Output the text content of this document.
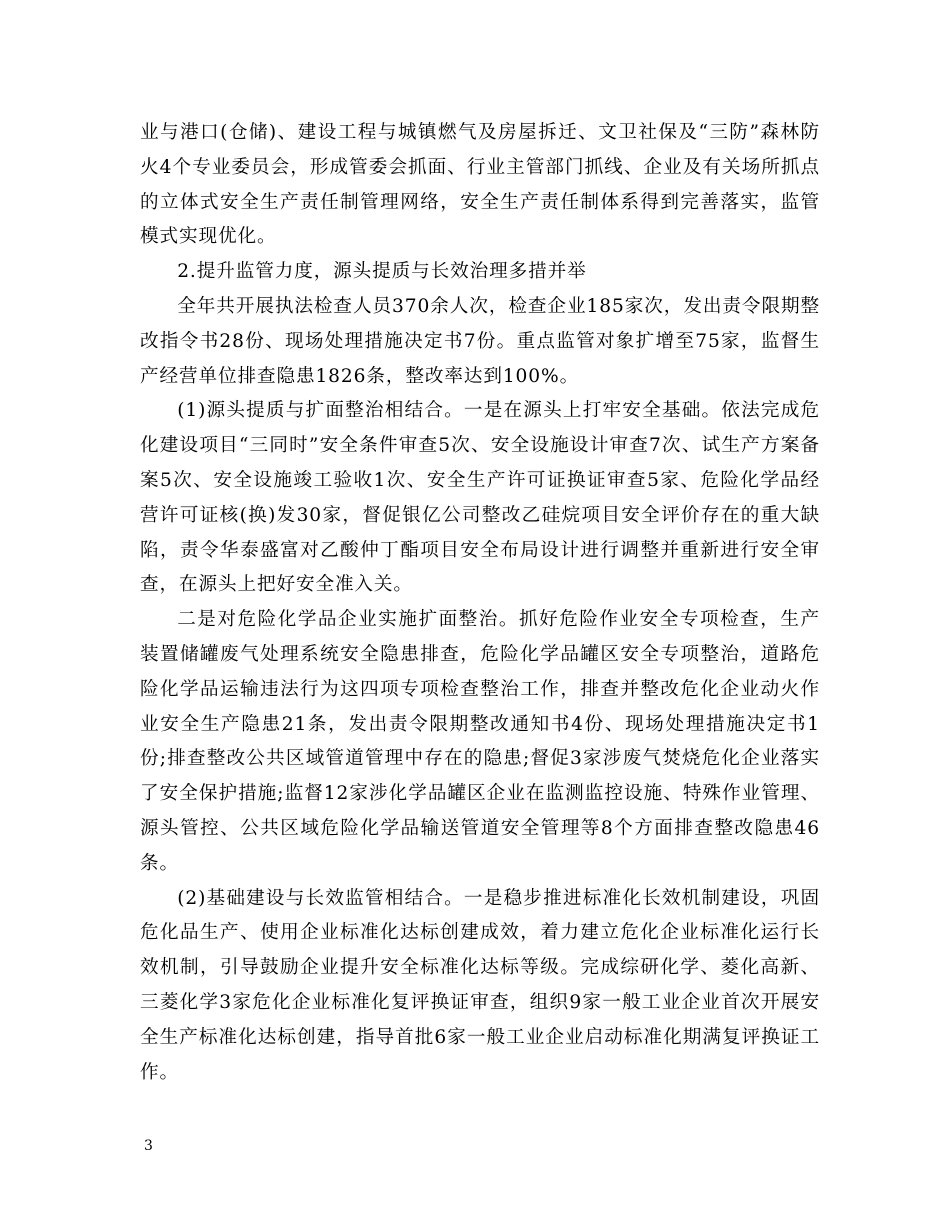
业与港口(仓储)、建设工程与城镇燃气及房屋拆迁、文卫社保及“三防”森林防火4个专业委员会，形成管委会抓面、行业主管部门抓线、企业及有关场所抓点的立体式安全生产责任制管理网络，安全生产责任制体系得到完善落实，监管模式实现优化。

2.提升监管力度，源头提质与长效治理多措并举

全年共开展执法检查人员370余人次，检查企业185家次，发出责令限期整改指令书28份、现场处理措施决定书7份。重点监管对象扩增至75家，监督生产经营单位排查隐患1826条，整改率达到100%。

(1)源头提质与扩面整治相结合。一是在源头上打牢安全基础。依法完成危化建设项目“三同时”安全条件审查5次、安全设施设计审查7次、试生产方案备案5次、安全设施竣工验收1次、安全生产许可证换证审查5家、危险化学品经营许可证核(换)发30家，督促银亿公司整改乙硅烷项目安全评价存在的重大缺陷，责令华泰盛富对乙酸仲丁酯项目安全布局设计进行调整并重新进行安全审查，在源头上把好安全准入关。

二是对危险化学品企业实施扩面整治。抓好危险作业安全专项检查，生产装置储罐废气处理系统安全隐患排查，危险化学品罐区安全专项整治，道路危险化学品运输违法行为这四项专项检查整治工作，排查并整改危化企业动火作业安全生产隐患21条，发出责令限期整改通知书4份、现场处理措施决定书1份;排查整改公共区域管道管理中存在的隐患;督促3家涉废气焚烧危化企业落实了安全保护措施;监督12家涉化学品罐区企业在监测监控设施、特殊作业管理、源头管控、公共区域危险化学品输送管道安全管理等8个方面排查整改隐患46 条。

(2)基础建设与长效监管相结合。一是稳步推进标准化长效机制建设，巩固危化品生产、使用企业标准化达标创建成效，着力建立危化企业标准化运行长效机制，引导鼓励企业提升安全标准化达标等级。完成综研化学、菱化高新、三菱化学3家危化企业标准化复评换证审查，组织9家一般工业企业首次开展安全生产标准化达标创建，指导首批6家一般工业企业启动标准化期满复评换证工作。

3
